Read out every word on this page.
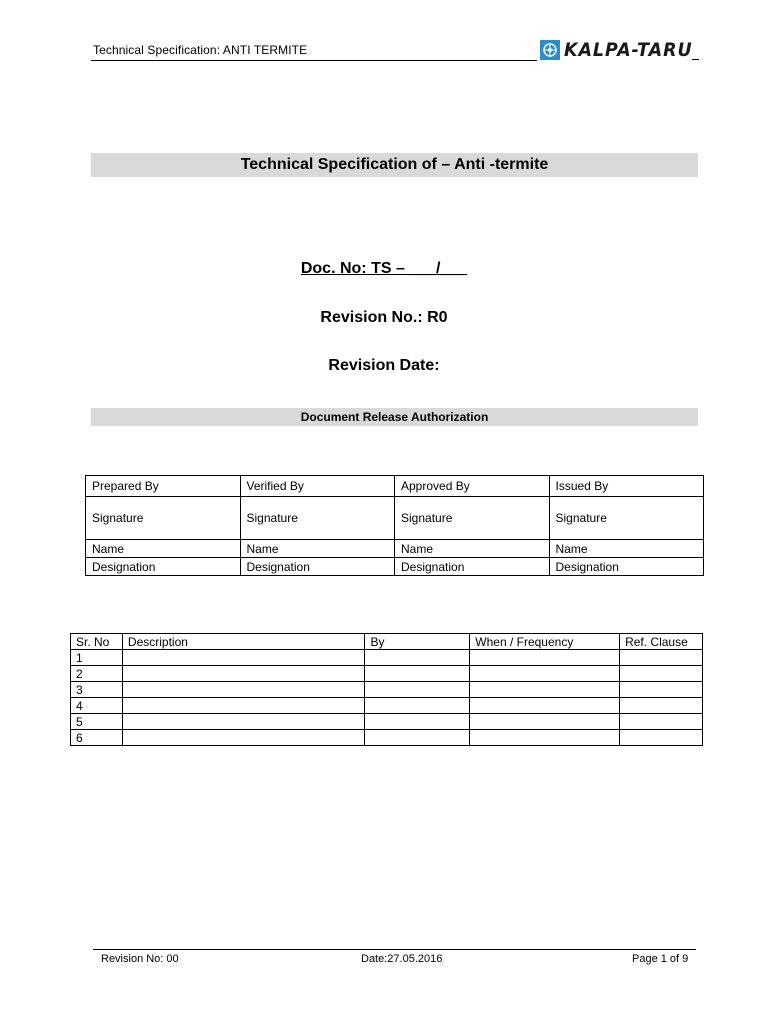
Technical Specification: ANTI TERMITE	KALPA-TARU
Technical Specification of – Anti -termite
Doc. No: TS – ___/___
Revision No.: R0
Revision Date:
Document Release Authorization
Prepared By	Verified By	Approved By	Issued By
Signature	Signature	Signature	Signature
Name	Name	Name	Name
Designation	Designation	Designation	Designation
Sr. No	Description	By	When / Frequency	Ref. Clause
1				
2				
3				
4				
5				
6				
Revision No: 00	Date:27.05.2016	Page 1 of 9
